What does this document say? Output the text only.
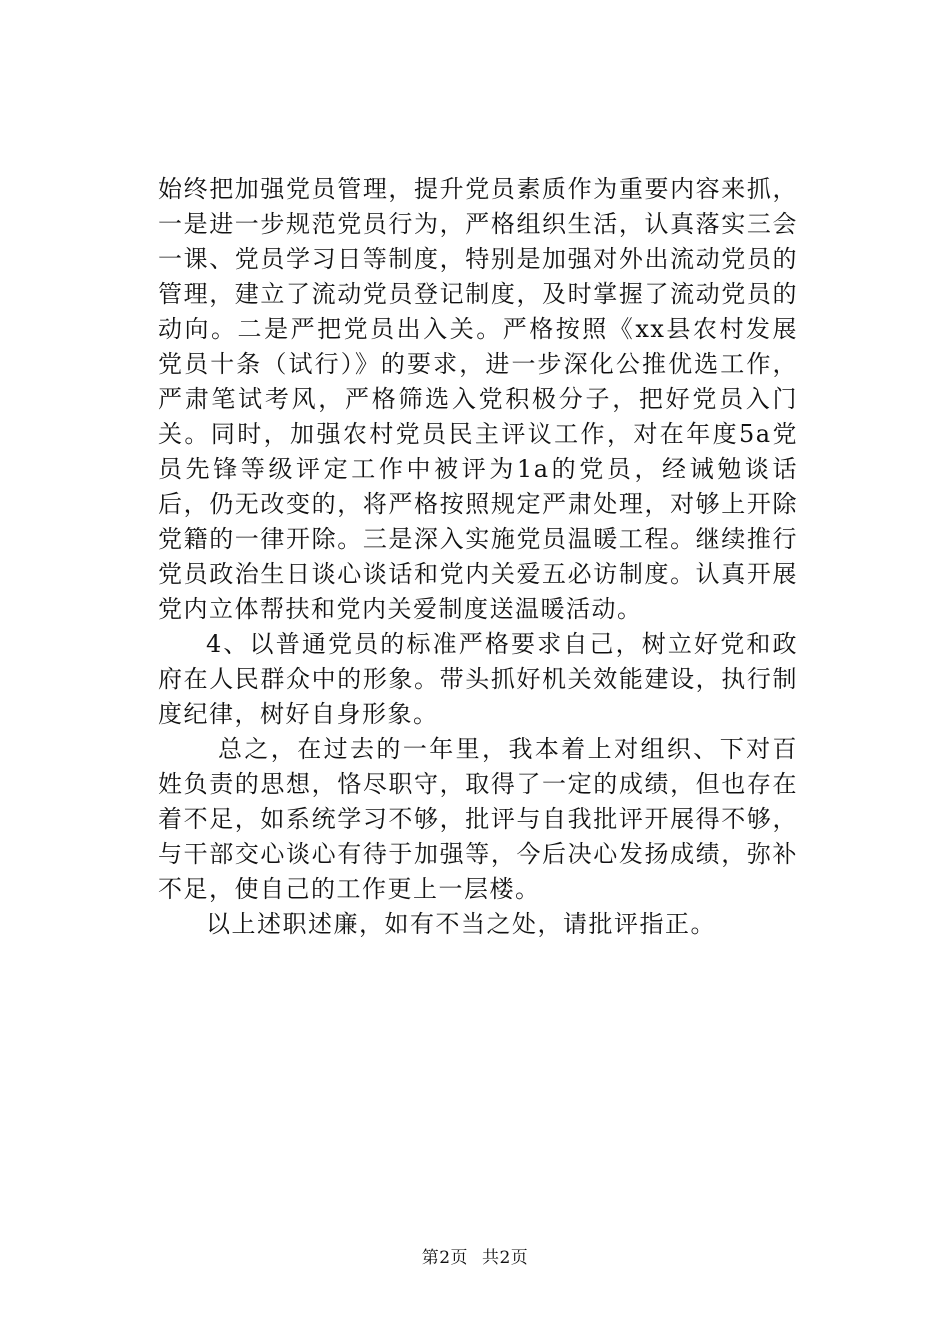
始终把加强党员管理，提升党员素质作为重要内容来抓，一是进一步规范党员行为，严格组织生活，认真落实三会一课、党员学习日等制度，特别是加强对外出流动党员的管理，建立了流动党员登记制度，及时掌握了流动党员的动向。二是严把党员出入关。严格按照《xx县农村发展党员十条（试行）》的要求，进一步深化公推优选工作，严肃笔试考风，严格筛选入党积极分子，把好党员入门关。同时，加强农村党员民主评议工作，对在年度5a党员先锋等级评定工作中被评为1a的党员，经诫勉谈话后，仍无改变的，将严格按照规定严肃处理，对够上开除党籍的一律开除。三是深入实施党员温暖工程。继续推行党员政治生日谈心谈话和党内关爱五必访制度。认真开展党内立体帮扶和党内关爱制度送温暖活动。

4、以普通党员的标准严格要求自己，树立好党和政府在人民群众中的形象。带头抓好机关效能建设，执行制度纪律，树好自身形象。

总之，在过去的一年里，我本着上对组织、下对百姓负责的思想，恪尽职守，取得了一定的成绩，但也存在着不足，如系统学习不够，批评与自我批评开展得不够，与干部交心谈心有待于加强等，今后决心发扬成绩，弥补不足，使自己的工作更上一层楼。

以上述职述廉，如有不当之处，请批评指正。

第2页 共2页
